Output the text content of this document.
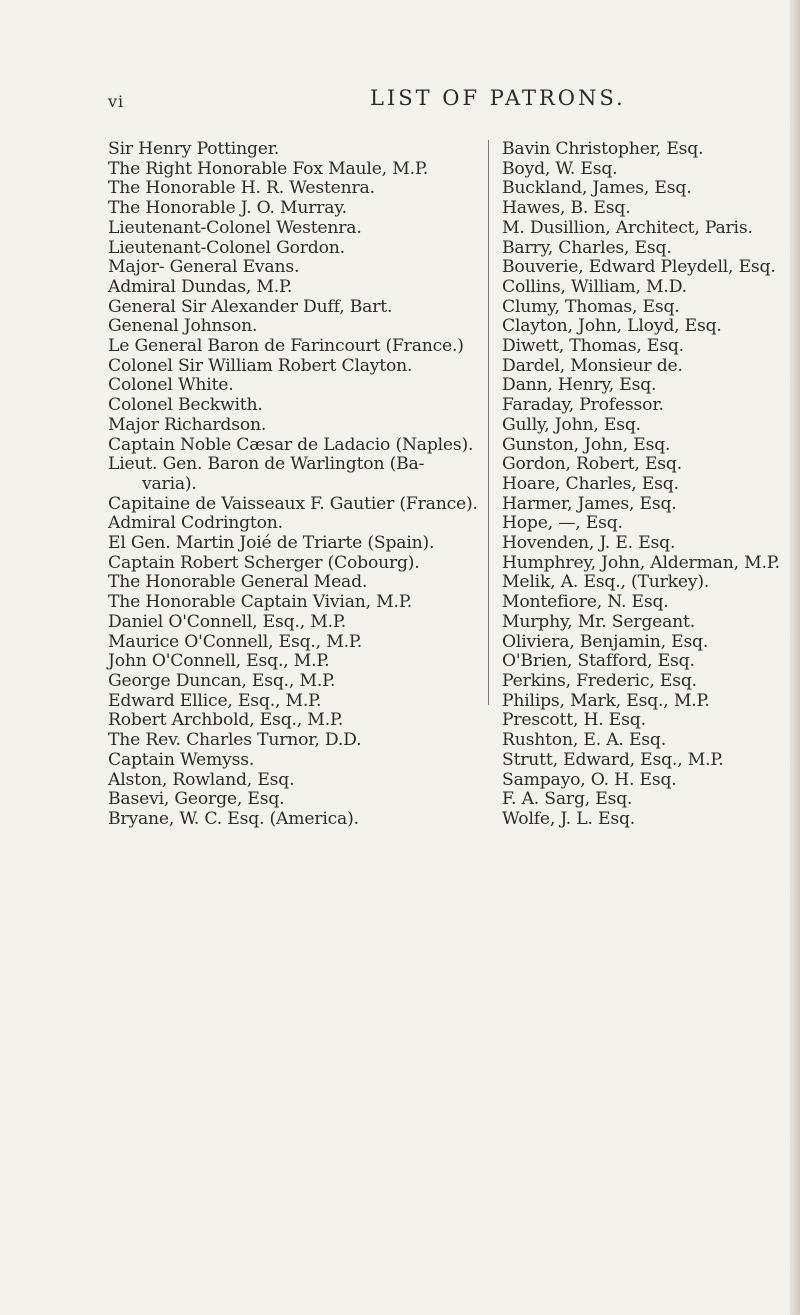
vi	LIST OF PATRONS.
Sir Henry Pottinger.
The Right Honorable Fox Maule, M.P.
The Honorable H. R. Westenra.
The Honorable J. O. Murray.
Lieutenant-Colonel Westenra.
Lieutenant-Colonel Gordon.
Major- General Evans.
Admiral Dundas, M.P.
General Sir Alexander Duff, Bart.
Genenal Johnson.
Le General Baron de Farincourt (France.)
Colonel Sir William Robert Clayton.
Colonel White.
Colonel Beckwith.
Major Richardson.
Captain Noble Cæsar de Ladacio (Naples).
Lieut. Gen. Baron de Warlington (Ba-
varia).
Capitaine de Vaisseaux F. Gautier (France).
Admiral Codrington.
El Gen. Martin Joié de Triarte (Spain).
Captain Robert Scherger (Cobourg).
The Honorable General Mead.
The Honorable Captain Vivian, M.P.
Daniel O'Connell, Esq., M.P.
Maurice O'Connell, Esq., M.P.
John O'Connell, Esq., M.P.
George Duncan, Esq., M.P.
Edward Ellice, Esq., M.P.
Robert Archbold, Esq., M.P.
The Rev. Charles Turnor, D.D.
Captain Wemyss.
Alston, Rowland, Esq.
Basevi, George, Esq.
Bryane, W. C. Esq. (America).
Bavin Christopher, Esq.
Boyd, W. Esq.
Buckland, James, Esq.
Hawes, B. Esq.
M. Dusillion, Architect, Paris.
Barry, Charles, Esq.
Bouverie, Edward Pleydell, Esq.
Collins, William, M.D.
Clumy, Thomas, Esq.
Clayton, John, Lloyd, Esq.
Diwett, Thomas, Esq.
Dardel, Monsieur de.
Dann, Henry, Esq.
Faraday, Professor.
Gully, John, Esq.
Gunston, John, Esq.
Gordon, Robert, Esq.
Hoare, Charles, Esq.
Harmer, James, Esq.
Hope, —, Esq.
Hovenden, J. E. Esq.
Humphrey, John, Alderman, M.P.
Melik, A. Esq., (Turkey).
Montefiore, N. Esq.
Murphy, Mr. Sergeant.
Oliviera, Benjamin, Esq.
O'Brien, Stafford, Esq.
Perkins, Frederic, Esq.
Philips, Mark, Esq., M.P.
Prescott, H. Esq.
Rushton, E. A. Esq.
Strutt, Edward, Esq., M.P.
Sampayo, O. H. Esq.
F. A. Sarg, Esq.
Wolfe, J. L. Esq.
